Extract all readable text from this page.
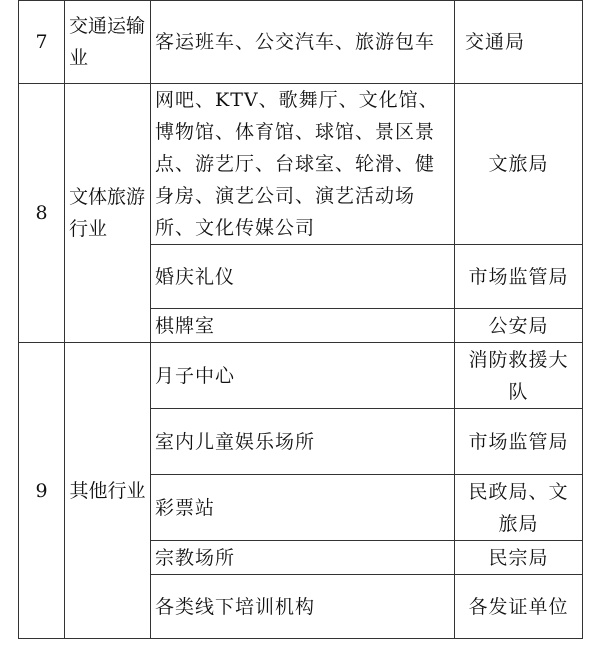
7	交通运输业	客运班车、公交汽车、旅游包车	交通局
8	文体旅游行业	网吧、KTV、歌舞厅、文化馆、博物馆、体育馆、球馆、景区景点、游艺厅、台球室、轮滑、健身房、演艺公司、演艺活动场所、文化传媒公司	文旅局
		婚庆礼仪	市场监管局
		棋牌室	公安局
9	其他行业	月子中心	消防救援大队
		室内儿童娱乐场所	市场监管局
		彩票站	民政局、文旅局
		宗教场所	民宗局
		各类线下培训机构	各发证单位
